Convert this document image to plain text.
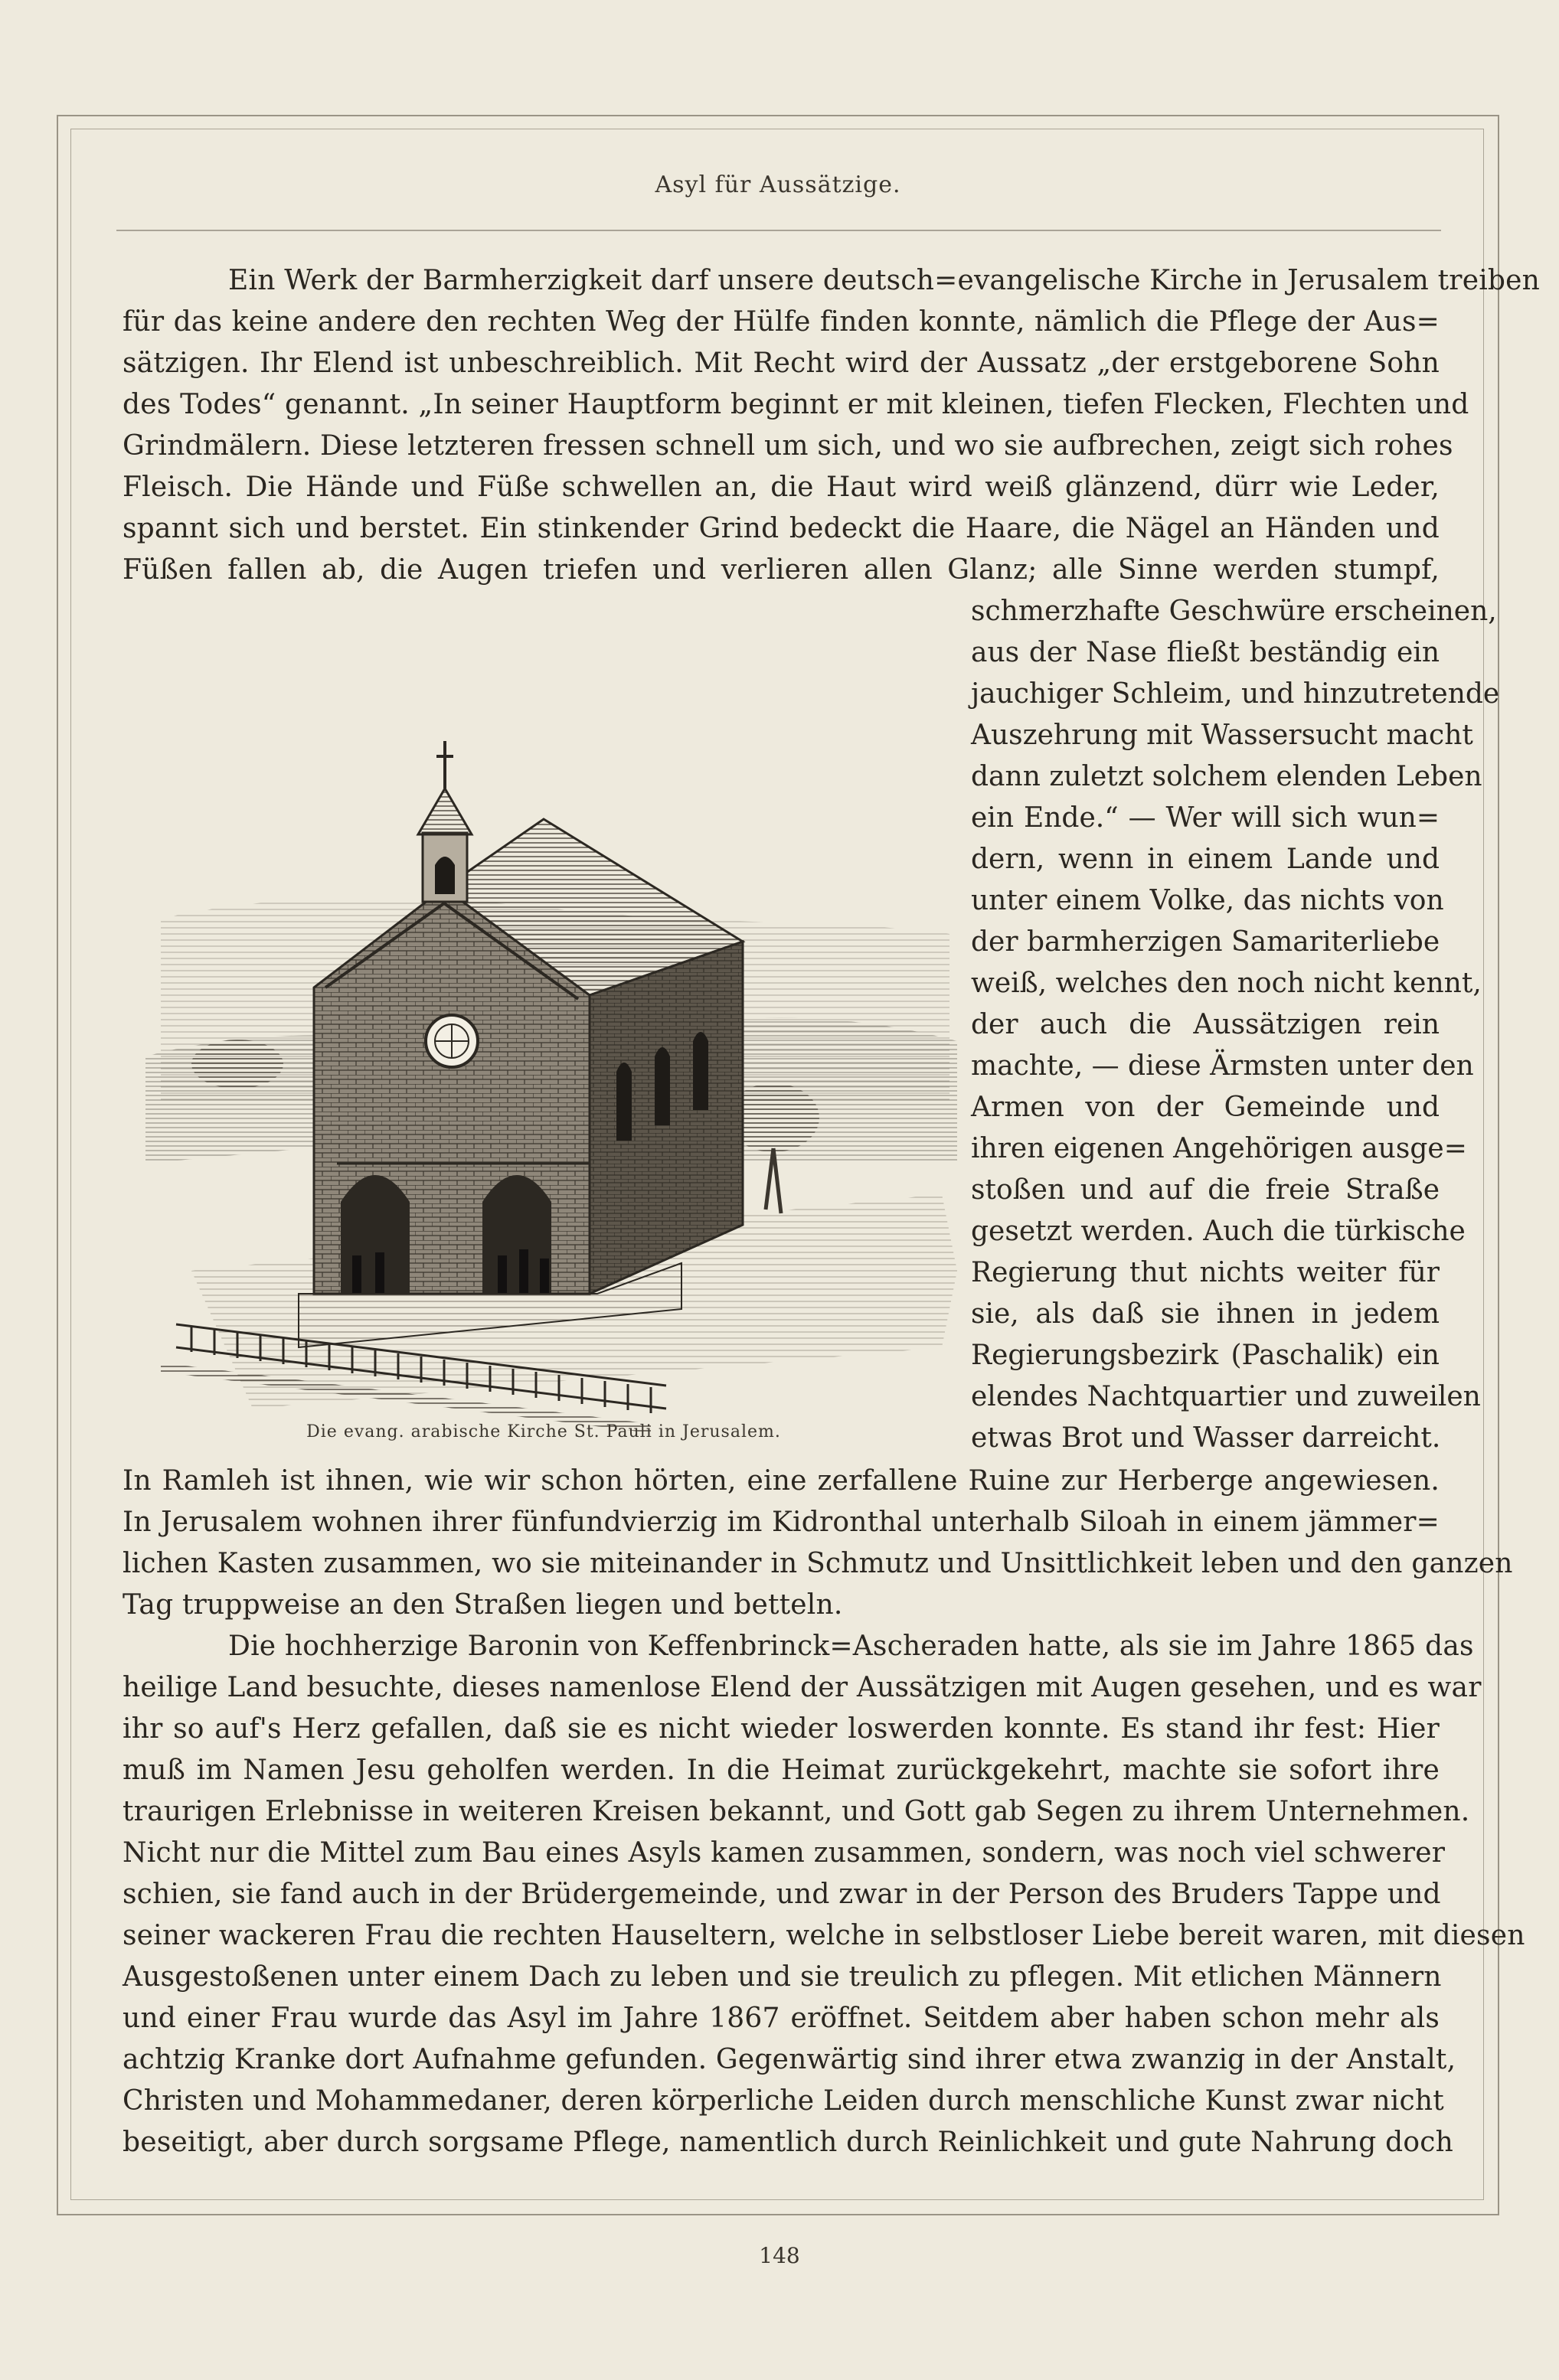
Asyl für Aussätzige.
Ein Werk der Barmherzigkeit darf unsere deutsch=evangelische Kirche in Jerusalem treiben
für das keine andere den rechten Weg der Hülfe finden konnte, nämlich die Pflege der Aus=
sätzigen. Ihr Elend ist unbeschreiblich. Mit Recht wird der Aussatz „der erstgeborene Sohn
des Todes“ genannt. „In seiner Hauptform beginnt er mit kleinen, tiefen Flecken, Flechten und
Grindmälern. Diese letzteren fressen schnell um sich, und wo sie aufbrechen, zeigt sich rohes
Fleisch. Die Hände und Füße schwellen an, die Haut wird weiß glänzend, dürr wie Leder,
spannt sich und berstet. Ein stinkender Grind bedeckt die Haare, die Nägel an Händen und
Füßen fallen ab, die Augen triefen und verlieren allen Glanz; alle Sinne werden stumpf,
schmerzhafte Geschwüre erscheinen,
aus der Nase fließt beständig ein
jauchiger Schleim, und hinzutretende
Auszehrung mit Wassersucht macht
dann zuletzt solchem elenden Leben
ein Ende.“ — Wer will sich wun=
dern, wenn in einem Lande und
unter einem Volke, das nichts von
der barmherzigen Samariterliebe
weiß, welches den noch nicht kennt,
der auch die Aussätzigen rein
machte, — diese Ärmsten unter den
Armen von der Gemeinde und
ihren eigenen Angehörigen ausge=
stoßen und auf die freie Straße
gesetzt werden. Auch die türkische
Regierung thut nichts weiter für
sie, als daß sie ihnen in jedem
Regierungsbezirk (Paschalik) ein
elendes Nachtquartier und zuweilen
etwas Brot und Wasser darreicht.
Die evang. arabische Kirche St. Pauli in Jerusalem.
In Ramleh ist ihnen, wie wir schon hörten, eine zerfallene Ruine zur Herberge angewiesen.
In Jerusalem wohnen ihrer fünfundvierzig im Kidronthal unterhalb Siloah in einem jämmer=
lichen Kasten zusammen, wo sie miteinander in Schmutz und Unsittlichkeit leben und den ganzen
Tag truppweise an den Straßen liegen und betteln.
Die hochherzige Baronin von Keffenbrinck=Ascheraden hatte, als sie im Jahre 1865 das
heilige Land besuchte, dieses namenlose Elend der Aussätzigen mit Augen gesehen, und es war
ihr so auf's Herz gefallen, daß sie es nicht wieder loswerden konnte. Es stand ihr fest: Hier
muß im Namen Jesu geholfen werden. In die Heimat zurückgekehrt, machte sie sofort ihre
traurigen Erlebnisse in weiteren Kreisen bekannt, und Gott gab Segen zu ihrem Unternehmen.
Nicht nur die Mittel zum Bau eines Asyls kamen zusammen, sondern, was noch viel schwerer
schien, sie fand auch in der Brüdergemeinde, und zwar in der Person des Bruders Tappe und
seiner wackeren Frau die rechten Hauseltern, welche in selbstloser Liebe bereit waren, mit diesen
Ausgestoßenen unter einem Dach zu leben und sie treulich zu pflegen. Mit etlichen Männern
und einer Frau wurde das Asyl im Jahre 1867 eröffnet. Seitdem aber haben schon mehr als
achtzig Kranke dort Aufnahme gefunden. Gegenwärtig sind ihrer etwa zwanzig in der Anstalt,
Christen und Mohammedaner, deren körperliche Leiden durch menschliche Kunst zwar nicht
beseitigt, aber durch sorgsame Pflege, namentlich durch Reinlichkeit und gute Nahrung doch
148
